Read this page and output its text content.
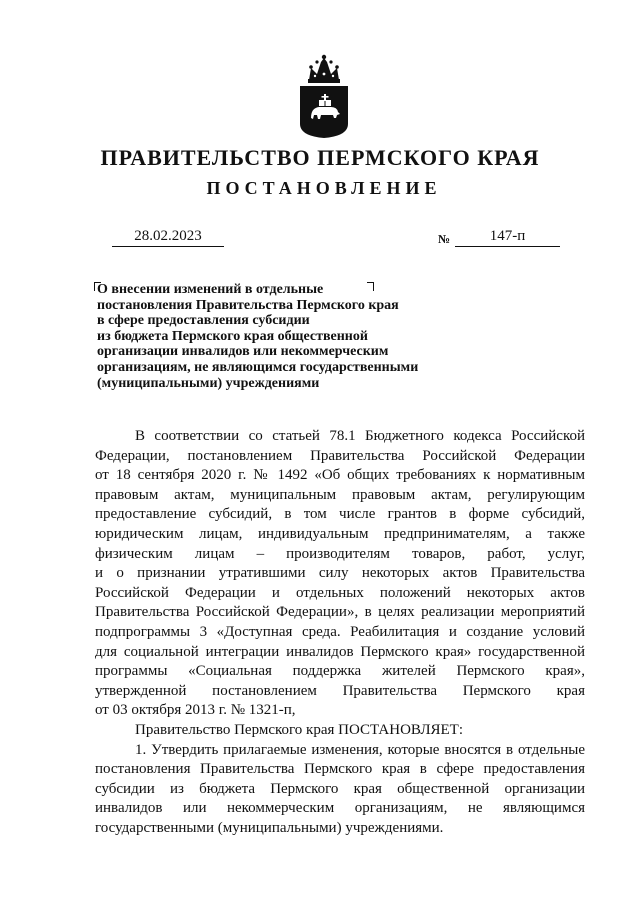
ПРАВИТЕЛЬСТВО ПЕРМСКОГО КРАЯ
ПОСТАНОВЛЕНИЕ
28.02.2023	№	147-п
О внесении изменений в отдельные
постановления Правительства Пермского края
в сфере предоставления субсидии
из бюджета Пермского края общественной
организации инвалидов или некоммерческим
организациям, не являющимся государственными
(муниципальными) учреждениями
В соответствии со статьей 78.1 Бюджетного кодекса Российской
Федерации, постановлением Правительства Российской Федерации
от 18 сентября 2020 г. № 1492 «Об общих требованиях к нормативным
правовым актам, муниципальным правовым актам, регулирующим
предоставление субсидий, в том числе грантов в форме субсидий,
юридическим лицам, индивидуальным предпринимателям, а также
физическим лицам – производителям товаров, работ, услуг,
и о признании утратившими силу некоторых актов Правительства
Российской Федерации и отдельных положений некоторых актов
Правительства Российской Федерации», в целях реализации мероприятий
подпрограммы 3 «Доступная среда. Реабилитация и создание условий
для социальной интеграции инвалидов Пермского края» государственной
программы «Социальная поддержка жителей Пермского края»,
утвержденной постановлением Правительства Пермского края
от 03 октября 2013 г. № 1321-п,
Правительство Пермского края ПОСТАНОВЛЯЕТ:
1. Утвердить прилагаемые изменения, которые вносятся в отдельные
постановления Правительства Пермского края в сфере предоставления
субсидии из бюджета Пермского края общественной организации
инвалидов или некоммерческим организациям, не являющимся
государственными (муниципальными) учреждениями.
